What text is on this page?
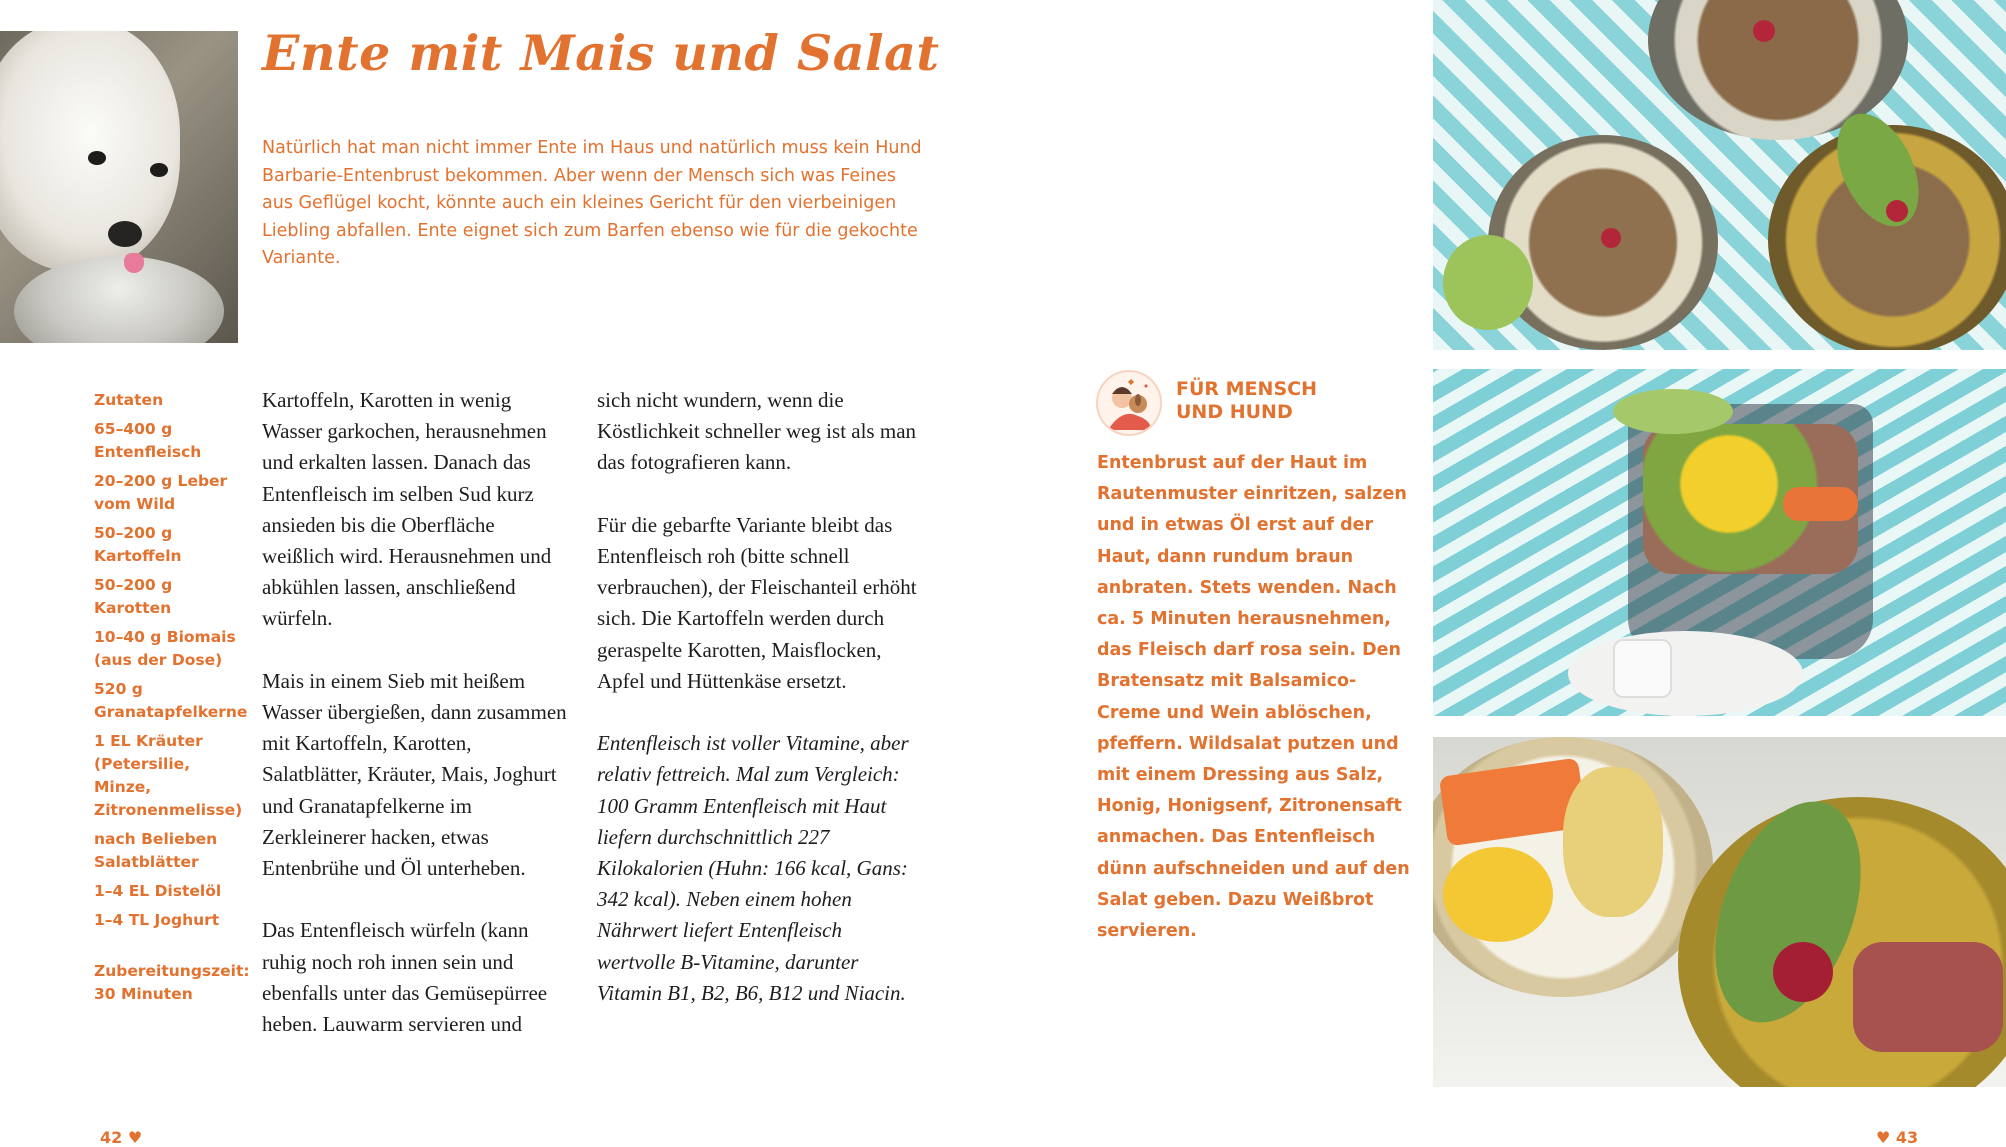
Ente mit Mais und Salat

Natürlich hat man nicht immer Ente im Haus und natürlich muss kein Hund Barbarie-Entenbrust bekommen. Aber wenn der Mensch sich was Feines aus Geflügel kocht, könnte auch ein kleines Gericht für den vierbeinigen Liebling abfallen. Ente eignet sich zum Barfen ebenso wie für die gekochte Variante.

Zutaten
65–400 g Entenfleisch
20–200 g Leber vom Wild
50–200 g Kartoffeln
50–200 g Karotten
10–40 g Biomais (aus der Dose)
520 g Granatapfelkerne
1 EL Kräuter (Petersilie, Minze, Zitronenmelisse)
nach Belieben Salatblätter
1–4 EL Distelöl
1–4 TL Joghurt
Zubereitungszeit:
30 Minuten

Kartoffeln, Karotten in wenig Wasser garkochen, herausnehmen und erkalten lassen. Danach das Entenfleisch im selben Sud kurz ansieden bis die Oberfläche weißlich wird. Herausnehmen und abkühlen lassen, anschließend würfeln.

Mais in einem Sieb mit heißem Wasser übergießen, dann zusammen mit Kartoffeln, Karotten, Salatblätter, Kräuter, Mais, Joghurt und Granatapfelkerne im Zerkleinerer hacken, etwas Entenbrühe und Öl unterheben.

Das Entenfleisch würfeln (kann ruhig noch roh innen sein und ebenfalls unter das Gemüsepürree heben. Lauwarm servieren und

sich nicht wundern, wenn die Köstlichkeit schneller weg ist als man das fotografieren kann.

Für die gebarfte Variante bleibt das Entenfleisch roh (bitte schnell verbrauchen), der Fleischanteil erhöht sich. Die Kartoffeln werden durch geraspelte Karotten, Maisflocken, Apfel und Hüttenkäse ersetzt.

Entenfleisch ist voller Vitamine, aber relativ fettreich. Mal zum Vergleich: 100 Gramm Entenfleisch mit Haut liefern durchschnittlich 227 Kilokalorien (Huhn: 166 kcal, Gans: 342 kcal). Neben einem hohen Nährwert liefert Entenfleisch wertvolle B-Vitamine, darunter Vitamin B1, B2, B6, B12 und Niacin.

FÜR MENSCH
UND HUND
Entenbrust auf der Haut im Rautenmuster einritzen, salzen und in etwas Öl erst auf der Haut, dann rundum braun anbraten. Stets wenden. Nach ca. 5 Minuten herausnehmen, das Fleisch darf rosa sein. Den Bratensatz mit Balsamico-Creme und Wein ablöschen, pfeffern. Wildsalat putzen und mit einem Dressing aus Salz, Honig, Honigsenf, Zitronensaft anmachen. Das Entenfleisch dünn aufschneiden und auf den Salat geben. Dazu Weißbrot servieren.
42 ♥	♥ 43
